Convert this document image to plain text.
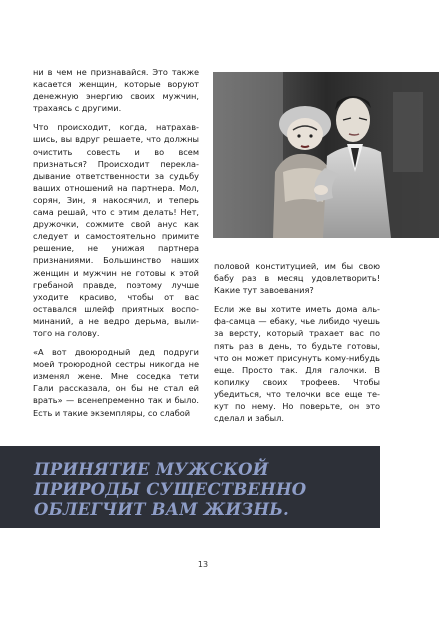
ни в чем не признавайся. Это также касается женщин, которые воруют денежную энергию своих мужчин, трахаясь с другими.

Что происходит, когда, натрахавшись, вы вдруг решаете, что должны очистить совесть и во всем признаться? Происходит перекладывание ответственности за судьбу ваших отношений на партнера. Мол, сорян, Зин, я накосячил, и теперь сама решай, что с этим делать! Нет, дружочки, сожмите свой анус как следует и самостоятельно примите решение, не унижая партнера признаниями. Большинство наших женщин и мужчин не готовы к этой гребаной правде, поэтому лучше уходите красиво, чтобы от вас оставался шлейф приятных воспоминаний, а не ведро дерьма, вылитого на голову.

«А вот двоюродный дед подруги моей троюродной сестры никогда не изменял жене. Мне соседка тети Гали рассказала, он бы не стал ей врать» — всенепременно так и было. Есть и такие экземпляры, со слабой

половой конституцией, им бы свою бабу раз в месяц удовлетворить! Какие тут завоевания?

Если же вы хотите иметь дома альфа-самца — ебаку, чье либидо чуешь за версту, который трахает вас по пять раз в день, то будьте готовы, что он может присунуть кому-нибудь еще. Просто так. Для галочки. В копилку своих трофеев. Чтобы убедиться, что телочки все еще текут по нему. Но поверьте, он это сделал и забыл.

ПРИНЯТИЕ МУЖСКОЙ ПРИРОДЫ СУЩЕСТВЕННО ОБЛЕГЧИТ ВАМ ЖИЗНЬ.
13
